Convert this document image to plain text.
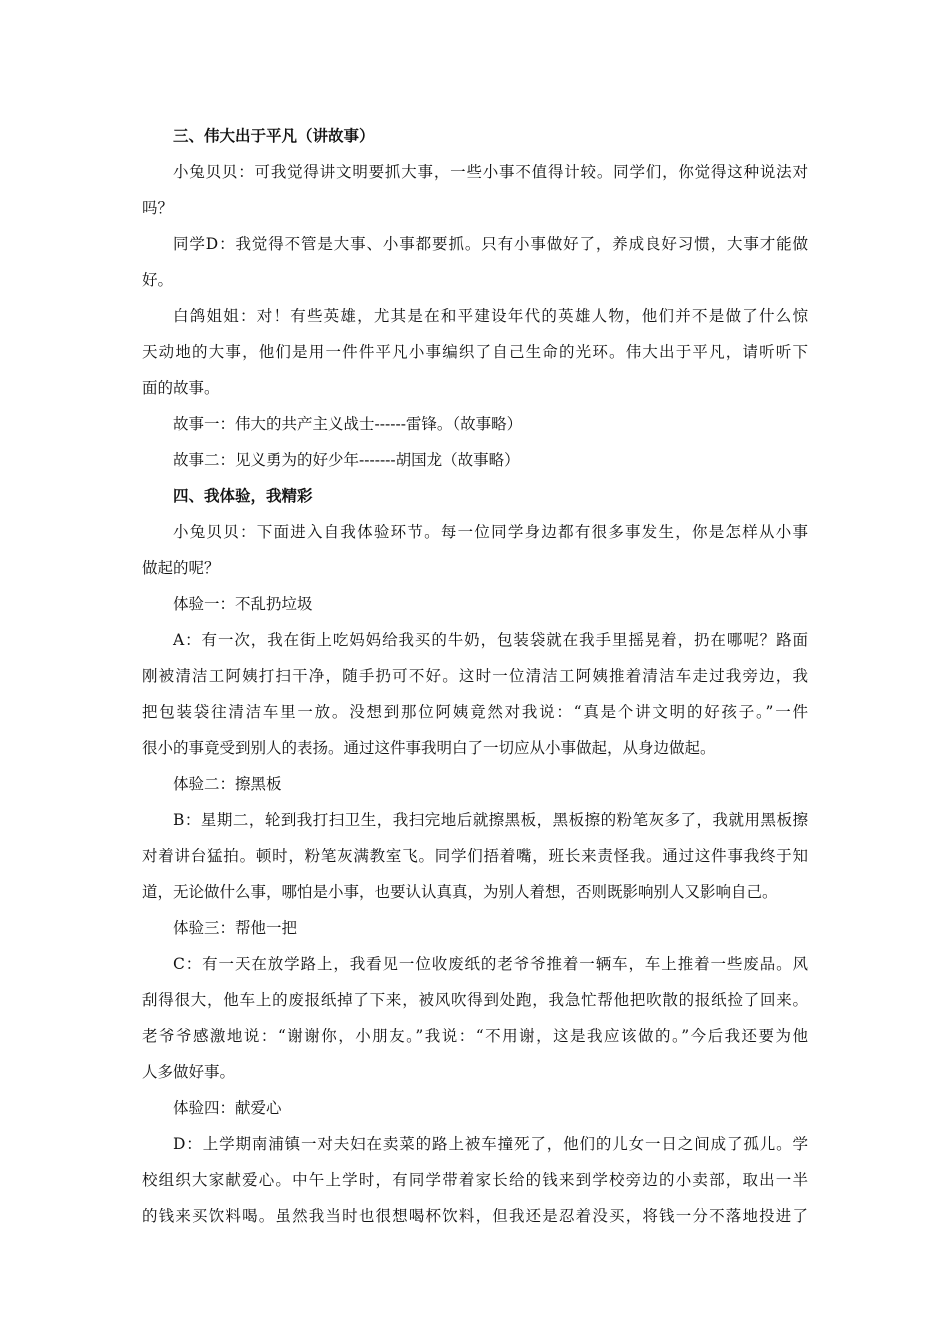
三、伟大出于平凡（讲故事）

小兔贝贝：可我觉得讲文明要抓大事，一些小事不值得计较。同学们，你觉得这种说法对

吗？

同学D：我觉得不管是大事、小事都要抓。只有小事做好了，养成良好习惯，大事才能做

好。

白鸽姐姐：对！有些英雄，尤其是在和平建设年代的英雄人物，他们并不是做了什么惊

天动地的大事，他们是用一件件平凡小事编织了自己生命的光环。伟大出于平凡，请听听下

面的故事。

故事一：伟大的共产主义战士------雷锋。（故事略）

故事二：见义勇为的好少年-------胡国龙（故事略）

四、我体验，我精彩

小兔贝贝：下面进入自我体验环节。每一位同学身边都有很多事发生，你是怎样从小事

做起的呢？

体验一：不乱扔垃圾

A：有一次，我在街上吃妈妈给我买的牛奶，包装袋就在我手里摇晃着，扔在哪呢？路面

刚被清洁工阿姨打扫干净，随手扔可不好。这时一位清洁工阿姨推着清洁车走过我旁边，我

把包装袋往清洁车里一放。没想到那位阿姨竟然对我说：“真是个讲文明的好孩子。”一件

很小的事竟受到别人的表扬。通过这件事我明白了一切应从小事做起，从身边做起。

体验二：擦黑板

B：星期二，轮到我打扫卫生，我扫完地后就擦黑板，黑板擦的粉笔灰多了，我就用黑板擦

对着讲台猛拍。顿时，粉笔灰满教室飞。同学们捂着嘴，班长来责怪我。通过这件事我终于知

道，无论做什么事，哪怕是小事，也要认认真真，为别人着想，否则既影响别人又影响自己。

体验三：帮他一把

C：有一天在放学路上，我看见一位收废纸的老爷爷推着一辆车，车上推着一些废品。风

刮得很大，他车上的废报纸掉了下来，被风吹得到处跑，我急忙帮他把吹散的报纸捡了回来。

老爷爷感激地说：“谢谢你，小朋友。”我说：“不用谢，这是我应该做的。”今后我还要为他

人多做好事。

体验四：献爱心

D：上学期南浦镇一对夫妇在卖菜的路上被车撞死了，他们的儿女一日之间成了孤儿。学

校组织大家献爱心。中午上学时，有同学带着家长给的钱来到学校旁边的小卖部，取出一半

的钱来买饮料喝。虽然我当时也很想喝杯饮料，但我还是忍着没买，将钱一分不落地投进了
